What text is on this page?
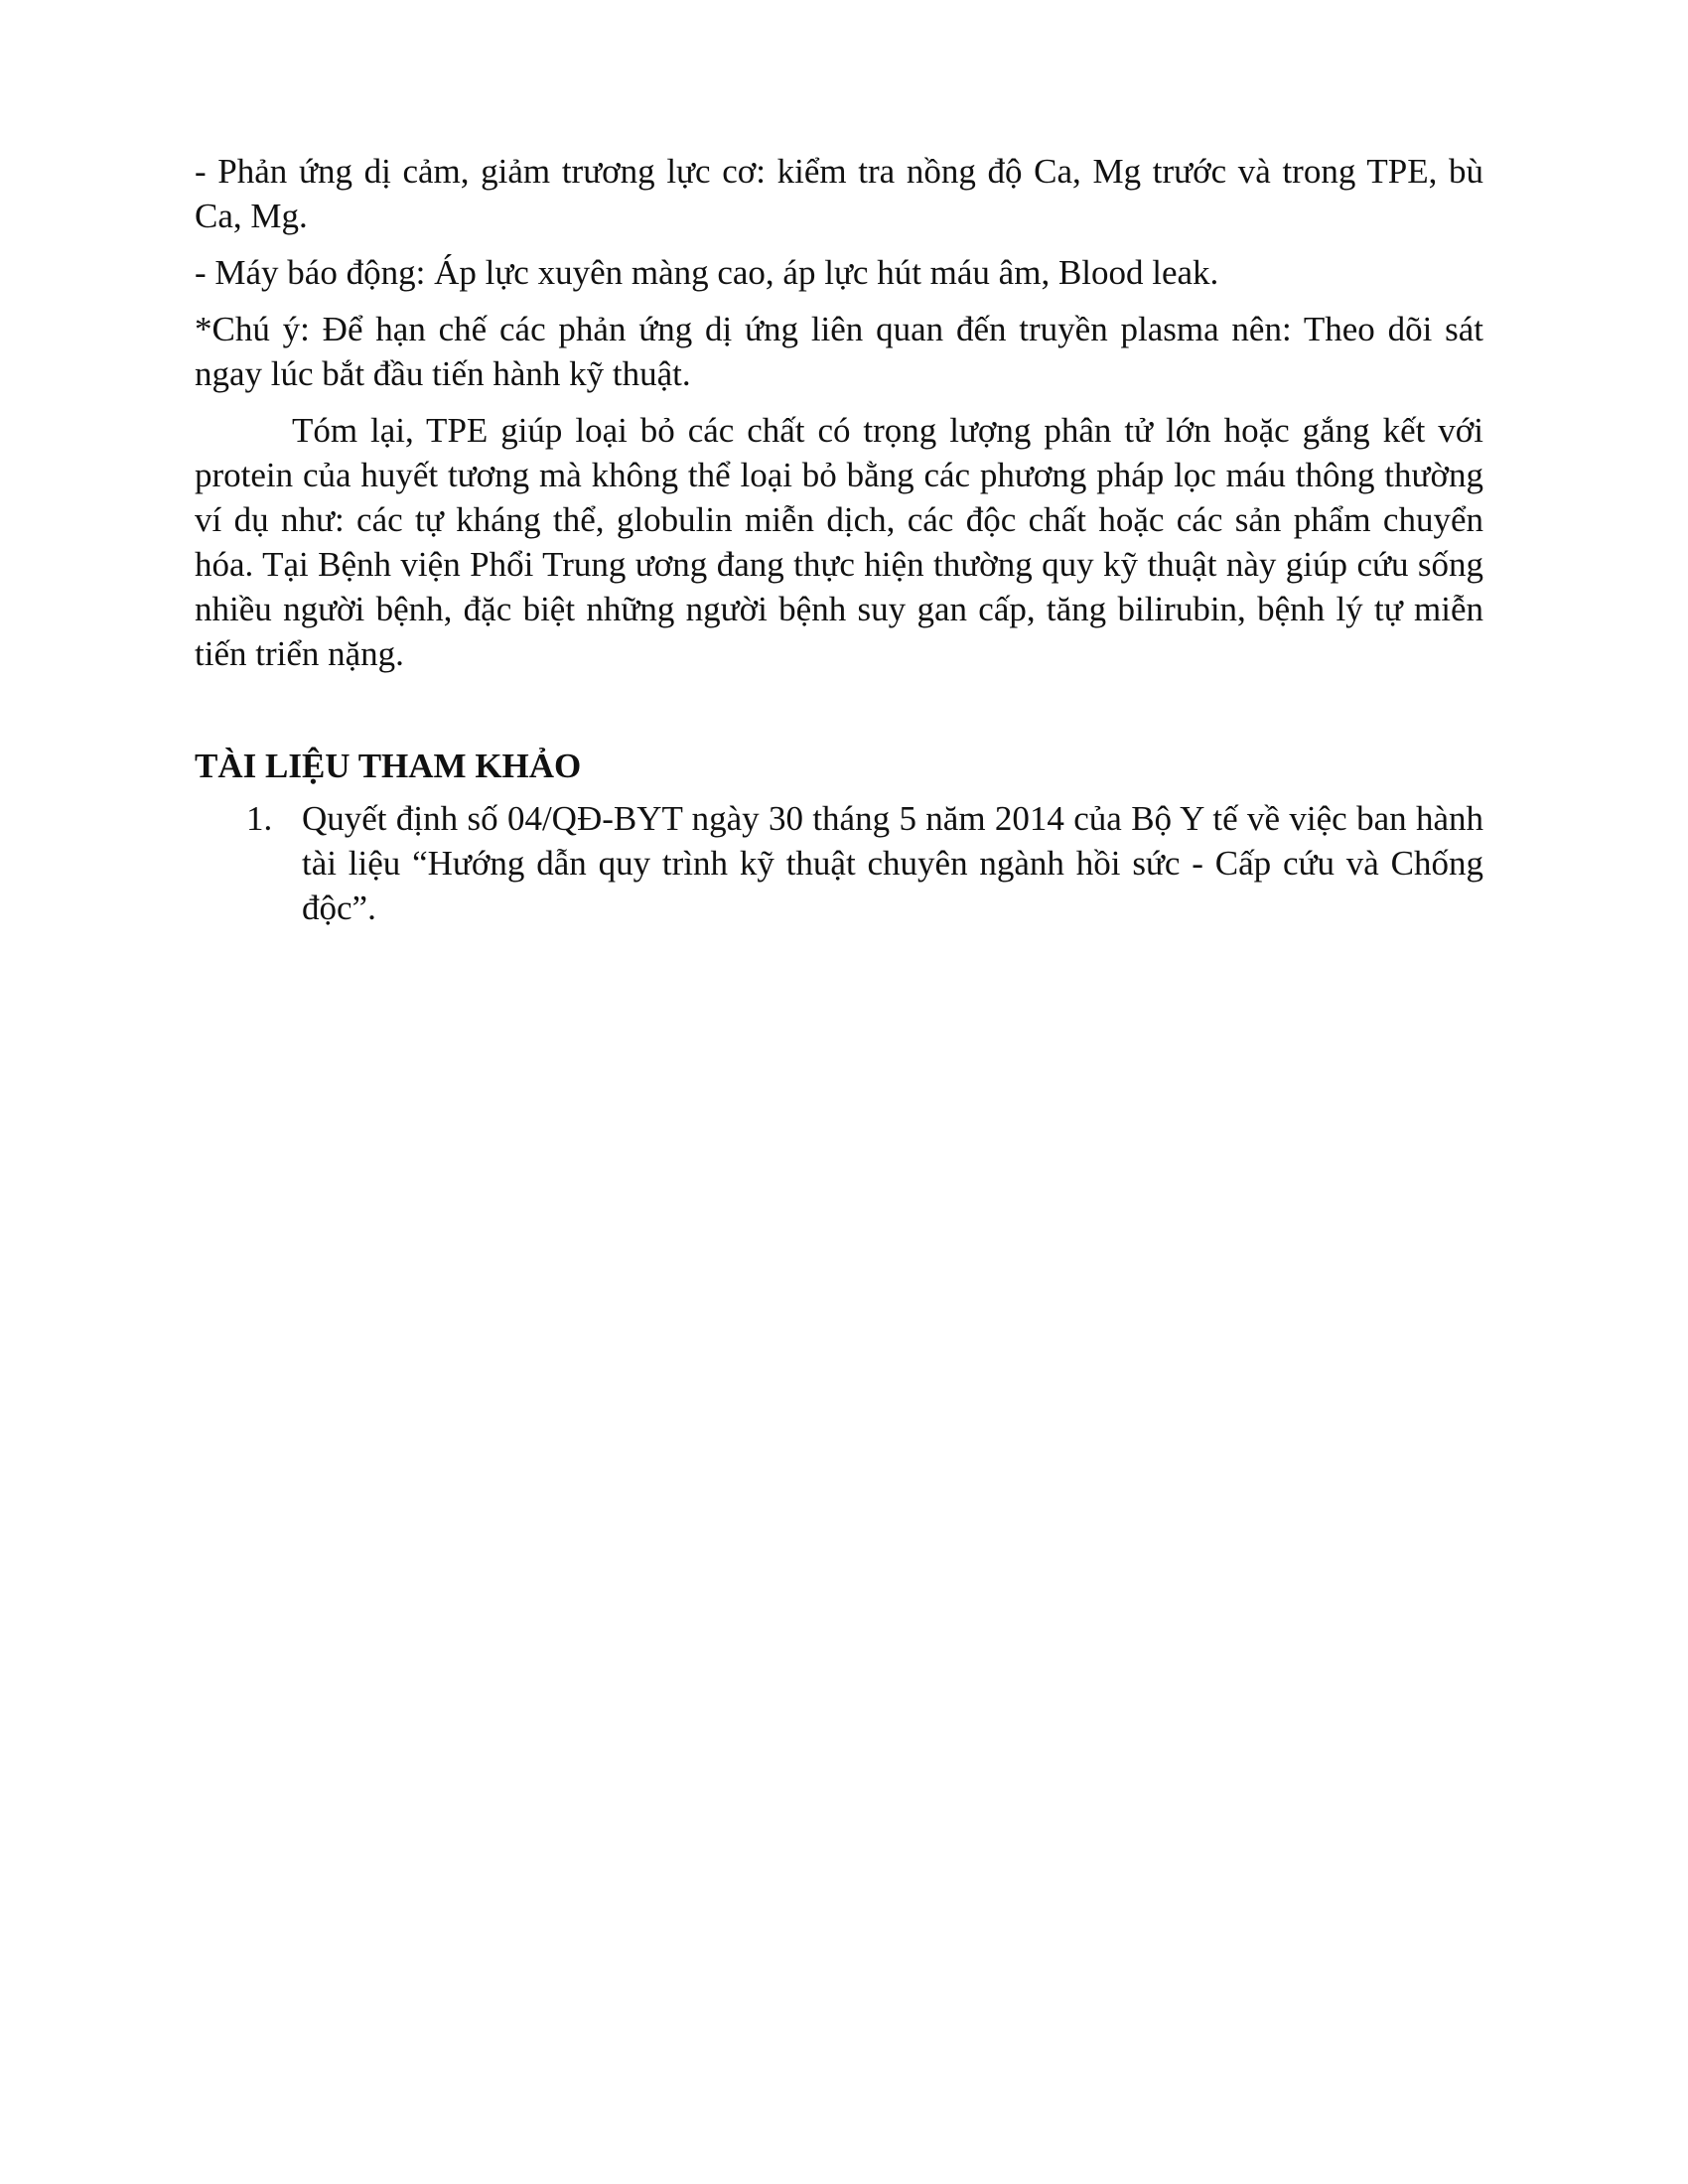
- Phản ứng dị cảm, giảm trương lực cơ: kiểm tra nồng độ Ca, Mg trước và trong TPE, bù Ca, Mg.

- Máy báo động: Áp lực xuyên màng cao, áp lực hút máu âm, Blood leak.

*Chú ý: Để hạn chế các phản ứng dị ứng liên quan đến truyền plasma nên: Theo dõi sát ngay lúc bắt đầu tiến hành kỹ thuật.

Tóm lại, TPE giúp loại bỏ các chất có trọng lượng phân tử lớn hoặc gắng kết với protein của huyết tương mà không thể loại bỏ bằng các phương pháp lọc máu thông thường ví dụ như: các tự kháng thể, globulin miễn dịch, các độc chất hoặc các sản phẩm chuyển hóa. Tại Bệnh viện Phổi Trung ương đang thực hiện thường quy kỹ thuật này giúp cứu sống nhiều người bệnh, đặc biệt những người bệnh suy gan cấp, tăng bilirubin, bệnh lý tự miễn tiến triển nặng.

TÀI LIỆU THAM KHẢO
1. Quyết định số 04/QĐ-BYT ngày 30 tháng 5 năm 2014 của Bộ Y tế về việc ban hành tài liệu “Hướng dẫn quy trình kỹ thuật chuyên ngành hồi sức - Cấp cứu và Chống độc”.
